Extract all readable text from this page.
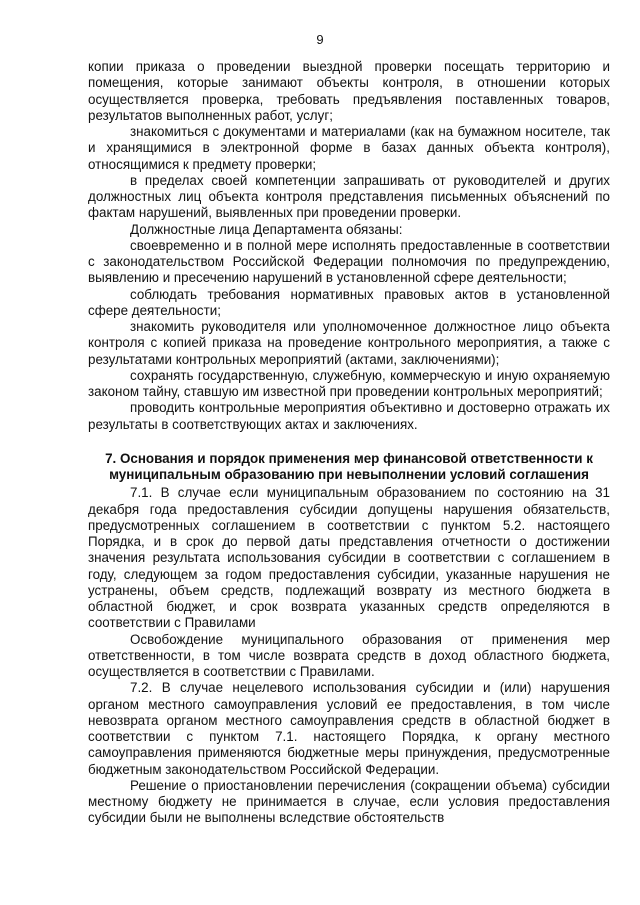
9

копии приказа о проведении выездной проверки посещать территорию и помещения, которые занимают объекты контроля, в отношении которых осуществляется проверка, требовать предъявления поставленных товаров, результатов выполненных работ, услуг;

знакомиться с документами и материалами (как на бумажном носителе, так и хранящимися в электронной форме в базах данных объекта контроля), относящимися к предмету проверки;

в пределах своей компетенции запрашивать от руководителей и других должностных лиц объекта контроля представления письменных объяснений по фактам нарушений, выявленных при проведении проверки.

Должностные лица Департамента обязаны:

своевременно и в полной мере исполнять предоставленные в соответствии с законодательством Российской Федерации полномочия по предупреждению, выявлению и пресечению нарушений в установленной сфере деятельности;

соблюдать требования нормативных правовых актов в установленной сфере деятельности;

знакомить руководителя или уполномоченное должностное лицо объекта контроля с копией приказа на проведение контрольного мероприятия, а также с результатами контрольных мероприятий (актами, заключениями);

сохранять государственную, служебную, коммерческую и иную охраняемую законом тайну, ставшую им известной при проведении контрольных мероприятий;

проводить контрольные мероприятия объективно и достоверно отражать их результаты в соответствующих актах и заключениях.

7. Основания и порядок применения мер финансовой ответственности к муниципальным образованию при невыполнении условий соглашения

7.1. В случае если муниципальным образованием по состоянию на 31 декабря года предоставления субсидии допущены нарушения обязательств, предусмотренных соглашением в соответствии с пунктом 5.2. настоящего Порядка, и в срок до первой даты представления отчетности о достижении значения результата использования субсидии в соответствии с соглашением в году, следующем за годом предоставления субсидии, указанные нарушения не устранены, объем средств, подлежащий возврату из местного бюджета в областной бюджет, и срок возврата указанных средств определяются в соответствии с Правилами

Освобождение муниципального образования от применения мер ответственности, в том числе возврата средств в доход областного бюджета, осуществляется в соответствии с Правилами.

7.2. В случае нецелевого использования субсидии и (или) нарушения органом местного самоуправления условий ее предоставления, в том числе невозврата органом местного самоуправления средств в областной бюджет в соответствии с пунктом 7.1. настоящего Порядка, к органу местного самоуправления применяются бюджетные меры принуждения, предусмотренные бюджетным законодательством Российской Федерации.

Решение о приостановлении перечисления (сокращении объема) субсидии местному бюджету не принимается в случае, если условия предоставления субсидии были не выполнены вследствие обстоятельств
